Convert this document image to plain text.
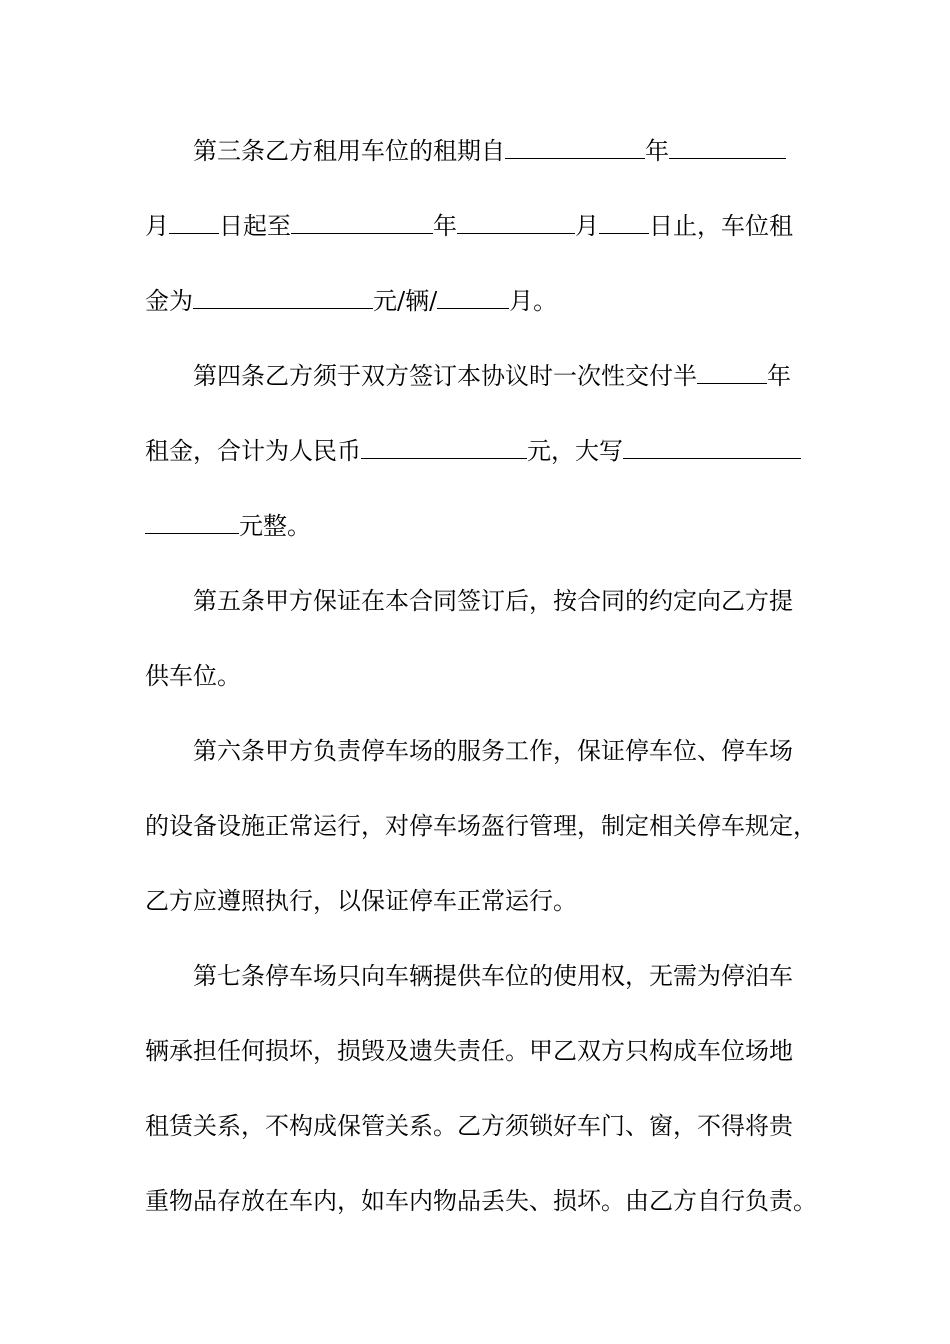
第三条乙方租用车位的租期自	年
月 日起至	年	月 日止，车位租
金为	元/辆/	月。
第四条乙方须于双方签订本协议时一次性交付半	年
租金，合计为人民币	元，大写
元整。
第五条甲方保证在本合同签订后，按合同的约定向乙方提
供车位。
第六条甲方负责停车场的服务工作，保证停车位、停车场
的设备设施正常运行，对停车场盔行管理，制定相关停车规定，
乙方应遵照执行，以保证停车正常运行。
第七条停车场只向车辆提供车位的使用权，无需为停泊车
辆承担任何损坏，损毁及遗失责任。甲乙双方只构成车位场地
租赁关系，不构成保管关系。乙方须锁好车门、窗，不得将贵
重物品存放在车内，如车内物品丢失、损坏。由乙方自行负责。
